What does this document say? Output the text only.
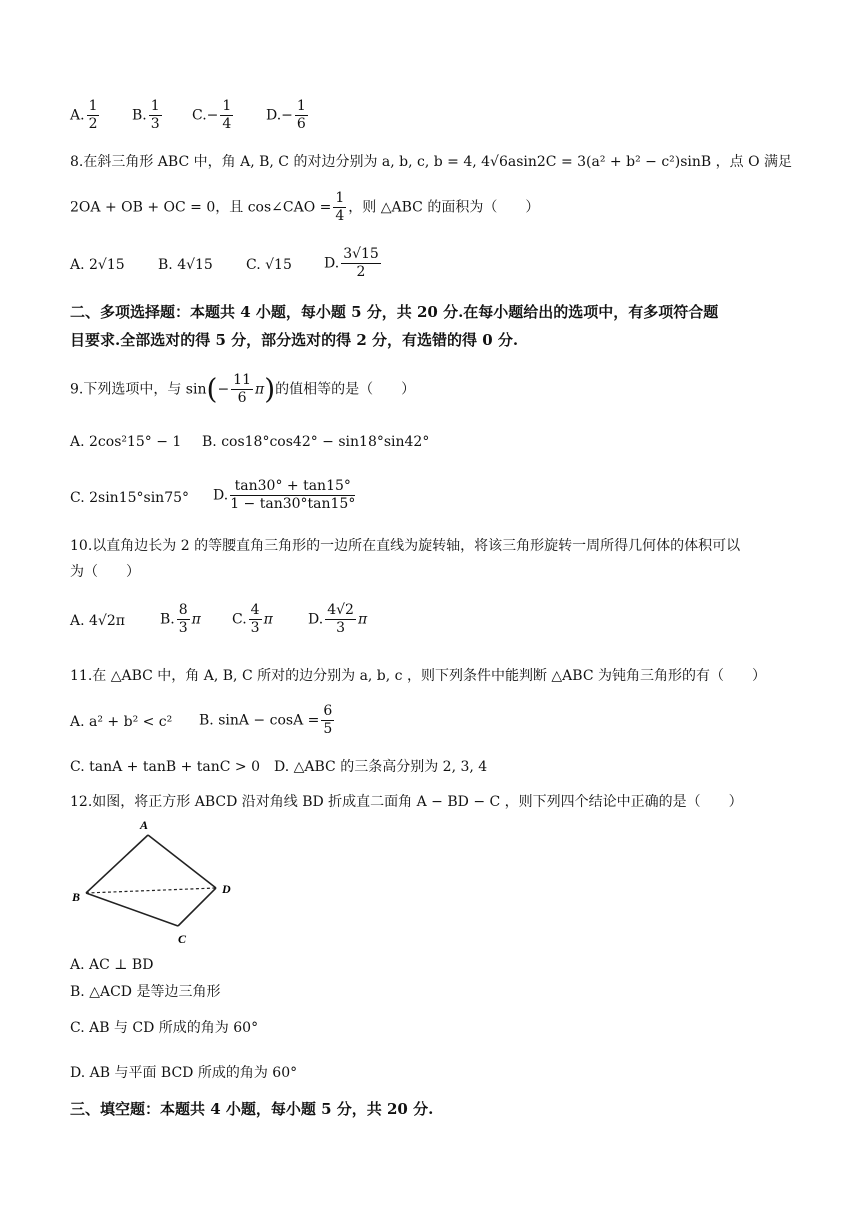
A. $\frac{1}{2} B$. $\frac{1}{3} C.- \frac{1}{4} D.- \frac{1}{6}$
8.在斜三角形 ABC 中，角 A, B, C 的对边分别为 a, b, c, b = 4, 4√6asin2C = 3(a² + b² − c²)sinB ，点 O 满足
2OA + OB + OC = 0，且 cos∠CAO = $\frac{1}{4}$ ，则 △ABC 的面积为（　　）
A. 2√15 B. 4√15 C. √15 D. $\frac{3√15}{2}$
二、多项选择题：本题共 4 小题，每小题 5 分，共 20 分.在每小题给出的选项中，有多项符合题
目要求.全部选对的得 5 分，部分选对的得 2 分，有选错的得 0 分.
9.下列选项中，与 $\sin(- \frac{11}{6} \pi)$的值相等的是（　　）
A. 2cos²15° − 1 B. cos18°cos42° − sin18°sin42°
C. 2sin15°sin75° D. $\frac{\tan 30^\circ + \tan 15^\circ}{1 - \tan 30^\circ\tan 15^\circ}$
10.以直角边长为 2 的等腰直角三角形的一边所在直线为旋转轴，将该三角形旋转一周所得几何体的体积可以
为（　　）
A. 4√2π	B. $\frac{8}{3}$ π C. $\frac{4}{3}$ π	D. $\frac{4√2}{3}$ π
11.在 △ABC 中，角 A, B, C 所对的边分别为 a, b, c ，则下列条件中能判断 △ABC 为钝角三角形的有（　　）
A. a² + b² < c² B. $\sin A - \cos A = \frac{6}{5}$
C. tanA + tanB + tanC > 0 D. △ABC 的三条高分别为 2, 3, 4
12.如图，将正方形 ABCD 沿对角线 BD 折成直二面角 A − BD − C ，则下列四个结论中正确的是（　　）
A
B
C
D
A. AC ⊥ BD
B. △ACD 是等边三角形
C. AB 与 CD 所成的角为 60°
D. AB 与平面 BCD 所成的角为 60°
三、填空题：本题共 4 小题，每小题 5 分，共 20 分.
